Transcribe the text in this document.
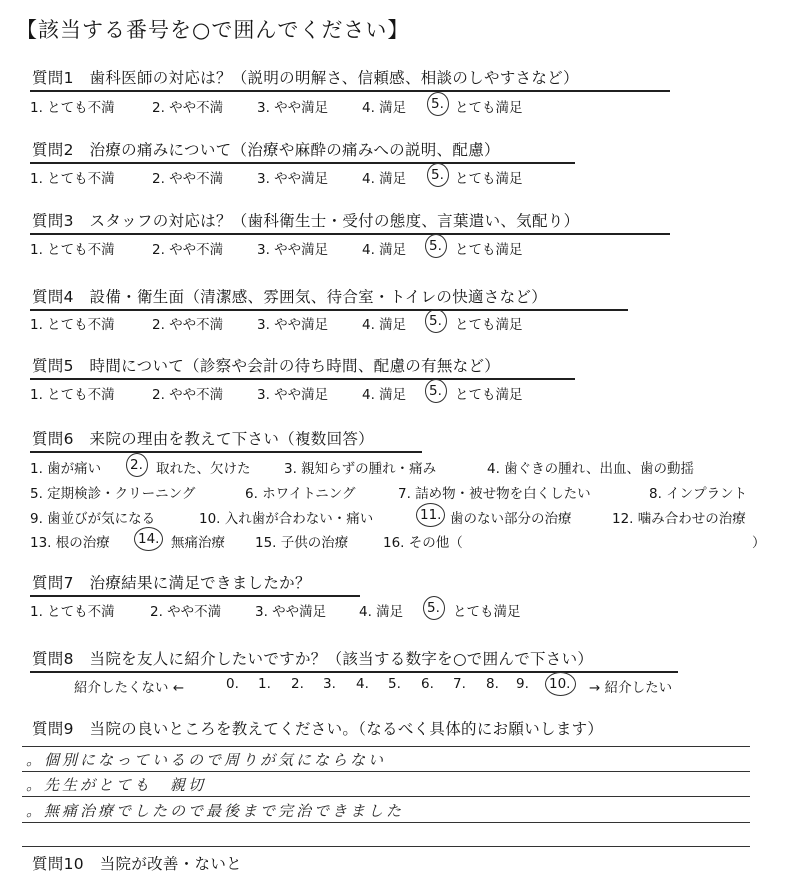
【該当する番号を○で囲んでください】
質問1　歯科医師の対応は？（説明の明解さ、信頼感、相談のしやすさなど）
1. とても不満	2. やや不満	3. やや満足	4. 満足 5. とても満足
質問2　治療の痛みについて（治療や麻酔の痛みへの説明、配慮）
1. とても不満	2. やや不満	3. やや満足	4. 満足 5. とても満足
質問3　スタッフの対応は？（歯科衛生士・受付の態度、言葉遣い、気配り）
1. とても不満	2. やや不満	3. やや満足	4. 満足 5. とても満足
質問4　設備・衛生面（清潔感、雰囲気、待合室・トイレの快適さなど）
1. とても不満	2. やや不満	3. やや満足	4. 満足 5. とても満足
質問5　時間について（診察や会計の待ち時間、配慮の有無など）
1. とても不満	2. やや不満	3. やや満足	4. 満足 5. とても満足
質問6　来院の理由を教えて下さい（複数回答）
1. 歯が痛い 2. 取れた、欠けた 3. 親知らずの腫れ・痛み	4. 歯ぐきの腫れ、出血、歯の動揺
5. 定期検診・クリーニング	6. ホワイトニング	7. 詰め物・被せ物を白くしたい	8. インプラント
9. 歯並びが気になる	10. 入れ歯が合わない・痛い	11. 歯のない部分の治療	12. 噛み合わせの治療
13. 根の治療 14. 無痛治療 15. 子供の治療	16. その他（	）
質問7　治療結果に満足できましたか？
1. とても不満	2. やや不満	3. やや満足 4. 満足 5. とても満足
質問8　当院を友人に紹介したいですか？（該当する数字を○で囲んで下さい）
紹介したくない ←	0. 1. 2. 3. 4. 5. 6. 7. 8. 9. 10. → 紹介したい
質問9　当院の良いところを教えてください。（なるべく具体的にお願いします）
。個別になっているので周りが気にならない
。先生がとても　親切
。無痛治療でしたので最後まで完治できました
質問10　当院が改善・ないと
